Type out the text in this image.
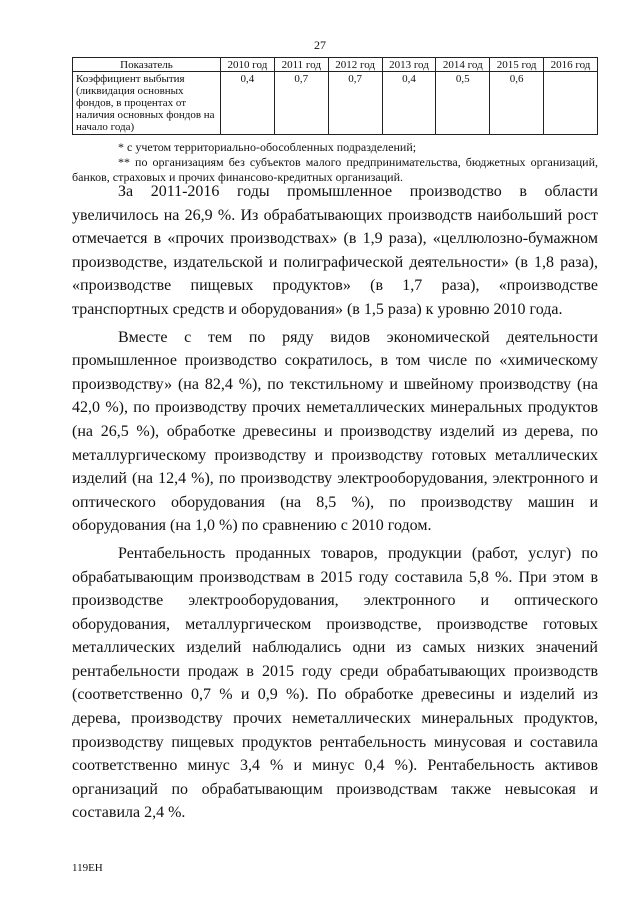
27
Показатель	2010 год	2011 год	2012 год	2013 год	2014 год	2015 год	2016 год
Коэффициент выбытия (ликвидация основных фондов, в процентах от наличия основных фондов на начало года)	0,4	0,7	0,7	0,4	0,5	0,6	

* с учетом территориально-обособленных подразделений;

** по организациям без субъектов малого предпринимательства, бюджетных организаций, банков, страховых и прочих финансово-кредитных организаций.

За 2011-2016 годы промышленное производство в области увеличилось на 26,9 %. Из обрабатывающих производств наибольший рост отмечается в «прочих производствах» (в 1,9 раза), «целлюлозно-бумажном производстве, издательской и полиграфической деятельности» (в 1,8 раза), «производстве пищевых продуктов» (в 1,7 раза), «производстве транспортных средств и оборудования» (в 1,5 раза) к уровню 2010 года.

Вместе с тем по ряду видов экономической деятельности промышленное производство сократилось, в том числе по «химическому производству» (на 82,4 %), по текстильному и швейному производству (на 42,0 %), по производству прочих неметаллических минеральных продуктов (на 26,5 %), обработке древесины и производству изделий из дерева, по металлургическому производству и производству готовых металлических изделий (на 12,4 %), по производству электрооборудования, электронного и оптического оборудования (на 8,5 %), по производству машин и оборудования (на 1,0 %) по сравнению с 2010 годом.

Рентабельность проданных товаров, продукции (работ, услуг) по обрабатывающим производствам в 2015 году составила 5,8 %. При этом в производстве электрооборудования, электронного и оптического оборудования, металлургическом производстве, производстве готовых металлических изделий наблюдались одни из самых низких значений рентабельности продаж в 2015 году среди обрабатывающих производств (соответственно 0,7 % и 0,9 %). По обработке древесины и изделий из дерева, производству прочих неметаллических минеральных продуктов, производству пищевых продуктов рентабельность минусовая и составила соответственно минус 3,4 % и минус 0,4 %). Рентабельность активов организаций по обрабатывающим производствам также невысокая и составила 2,4 %.

119ЕН
